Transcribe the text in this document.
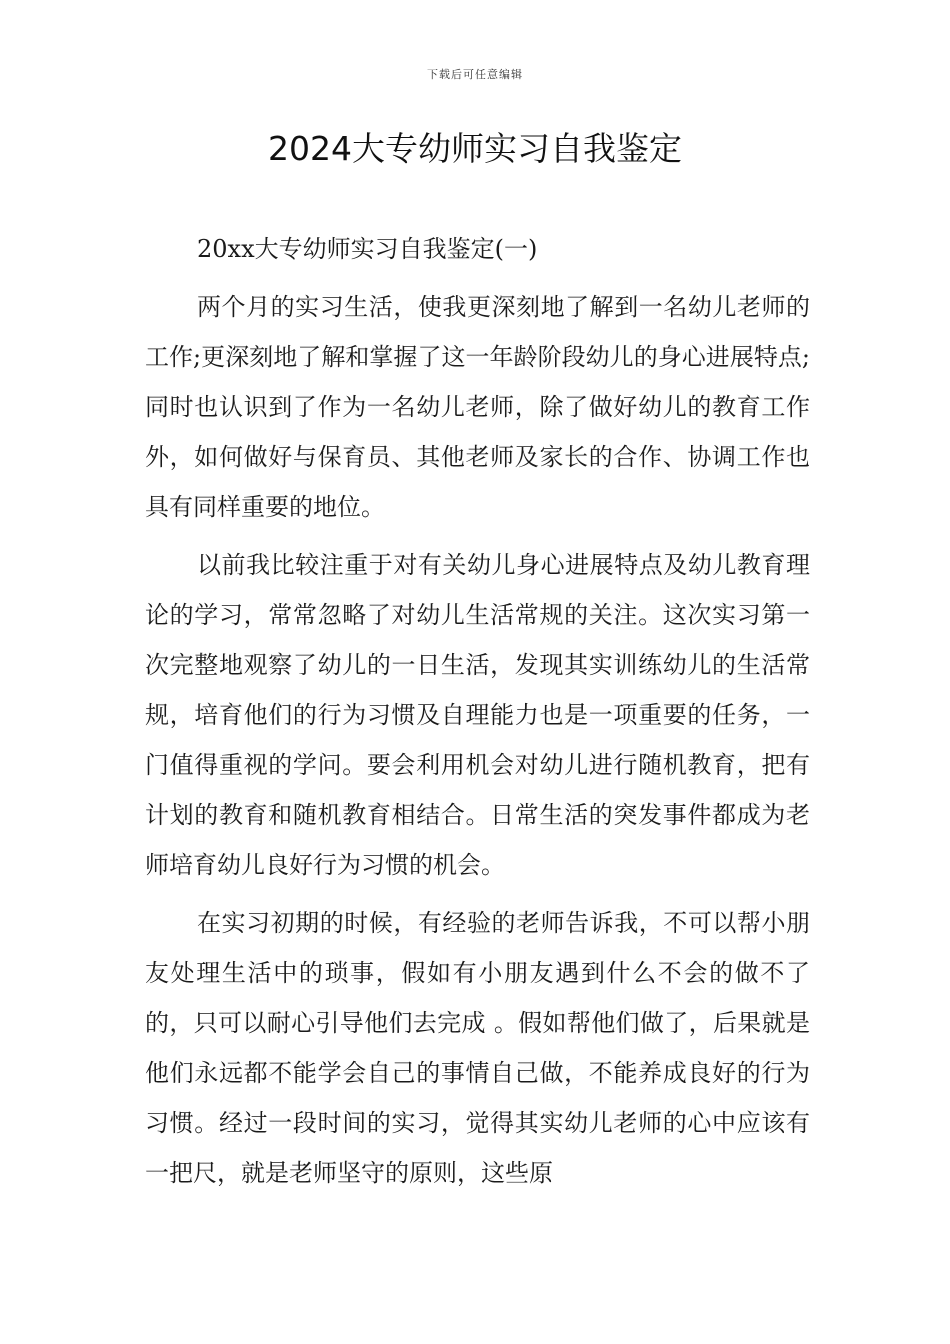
下载后可任意编辑
2024大专幼师实习自我鉴定

20xx大专幼师实习自我鉴定(一)

两个月的实习生活，使我更深刻地了解到一名幼儿老师的工作;更深刻地了解和掌握了这一年龄阶段幼儿的身心进展特点;同时也认识到了作为一名幼儿老师，除了做好幼儿的教育工作外，如何做好与保育员、其他老师及家长的合作、协调工作也具有同样重要的地位。

以前我比较注重于对有关幼儿身心进展特点及幼儿教育理论的学习，常常忽略了对幼儿生活常规的关注。这次实习第一次完整地观察了幼儿的一日生活，发现其实训练幼儿的生活常规，培育他们的行为习惯及自理能力也是一项重要的任务，一门值得重视的学问。要会利用机会对幼儿进行随机教育，把有计划的教育和随机教育相结合。日常生活的突发事件都成为老师培育幼儿良好行为习惯的机会。

在实习初期的时候，有经验的老师告诉我，不可以帮小朋友处理生活中的琐事，假如有小朋友遇到什么不会的做不了的，只可以耐心引导他们去完成 。假如帮他们做了，后果就是他们永远都不能学会自己的事情自己做，不能养成良好的行为习惯。经过一段时间的实习，觉得其实幼儿老师的心中应该有一把尺，就是老师坚守的原则，这些原
